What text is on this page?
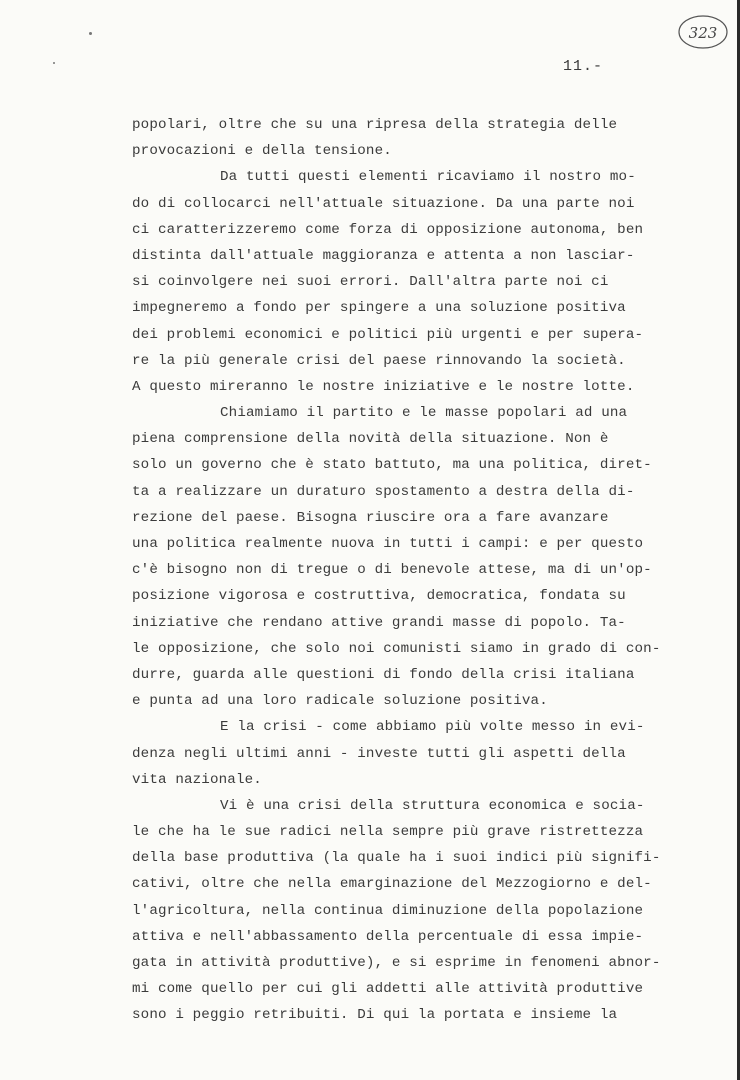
323
11.-
popolari, oltre che su una ripresa della strategia delle
provocazioni e della tensione.
Da tutti questi elementi ricaviamo il nostro mo-
do di collocarci nell'attuale situazione. Da una parte noi
ci caratterizzeremo come forza di opposizione autonoma, ben
distinta dall'attuale maggioranza e attenta a non lasciar-
si coinvolgere nei suoi errori. Dall'altra parte noi ci
impegneremo a fondo per spingere a una soluzione positiva
dei problemi economici e politici più urgenti e per supera-
re la più generale crisi del paese rinnovando la società.
A questo mireranno le nostre iniziative e le nostre lotte.
Chiamiamo il partito e le masse popolari ad una
piena comprensione della novità della situazione. Non è
solo un governo che è stato battuto, ma una politica, diret-
ta a realizzare un duraturo spostamento a destra della di-
rezione del paese. Bisogna riuscire ora a fare avanzare
una politica realmente nuova in tutti i campi: e per questo
c'è bisogno non di tregue o di benevole attese, ma di un'op-
posizione vigorosa e costruttiva, democratica, fondata su
iniziative che rendano attive grandi masse di popolo. Ta-
le opposizione, che solo noi comunisti siamo in grado di con-
durre, guarda alle questioni di fondo della crisi italiana
e punta ad una loro radicale soluzione positiva.
E la crisi - come abbiamo più volte messo in evi-
denza negli ultimi anni - investe tutti gli aspetti della
vita nazionale.
Vi è una crisi della struttura economica e socia-
le che ha le sue radici nella sempre più grave ristrettezza
della base produttiva (la quale ha i suoi indici più signifi-
cativi, oltre che nella emarginazione del Mezzogiorno e del-
l'agricoltura, nella continua diminuzione della popolazione
attiva e nell'abbassamento della percentuale di essa impie-
gata in attività produttive), e si esprime in fenomeni abnor-
mi come quello per cui gli addetti alle attività produttive
sono i peggio retribuiti. Di qui la portata e insieme la
